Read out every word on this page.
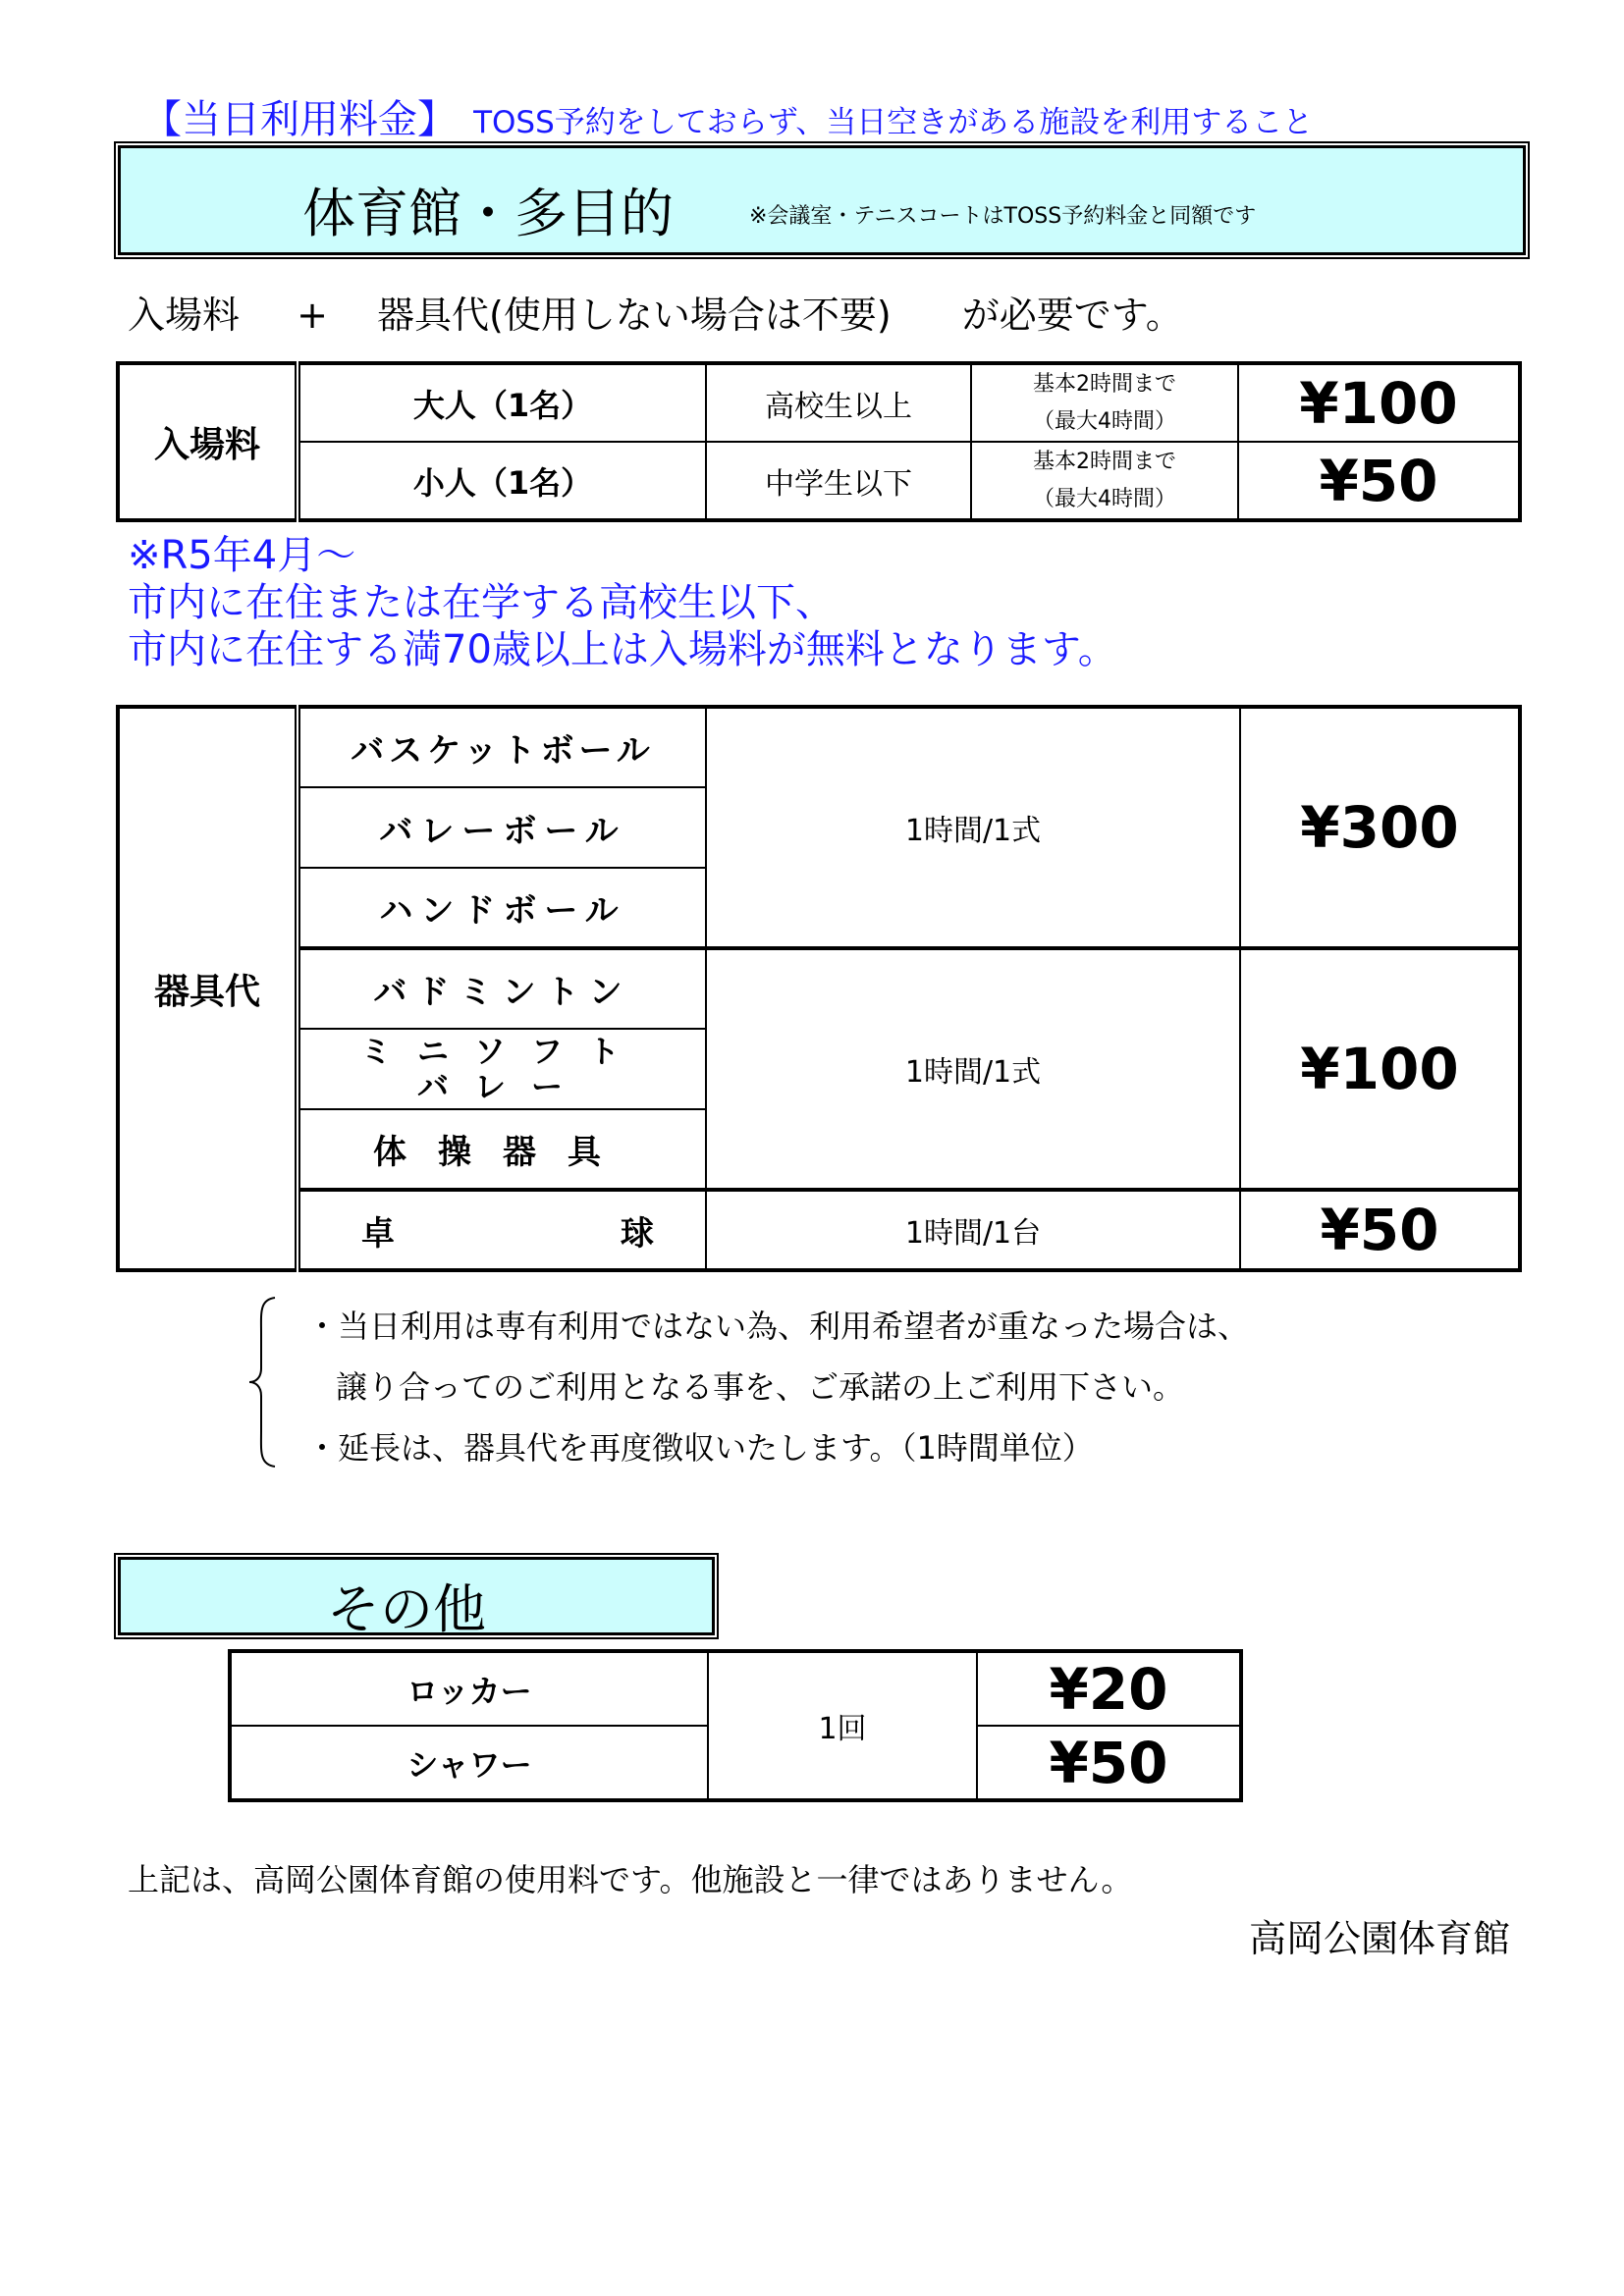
【当日利用料金】 TOSS予約をしておらず、当日空きがある施設を利用すること
体育館・多目的	※会議室・テニスコートはTOSS予約料金と同額です
入場料 + 器具代(使用しない場合は不要) が必要です。
入場料	大人（1名）	高校生以上	基本2時間まで
（最大4時間）	¥100
	小人（1名）	中学生以下	基本2時間まで
（最大4時間）	¥50
※R5年4月～
市内に在住または在学する高校生以下、
市内に在住する満70歳以上は入場料が無料となります。
器具代	バスケットボール	1時間/1式	¥300
	バレーボール		
	ハンドボール		
	バドミントン	1時間/1式	¥100

	ミニソフト
バレー		

	体操器具		
	卓 球	1時間/1台	¥50
・当日利用は専有利用ではない為、利用希望者が重なった場合は、
譲り合ってのご利用となる事を、ご承諾の上ご利用下さい。
・延長は、器具代を再度徴収いたします。（1時間単位）
その他
ロッカー	1回	¥20
シャワー		¥50
上記は、高岡公園体育館の使用料です。他施設と一律ではありません。
高岡公園体育館
